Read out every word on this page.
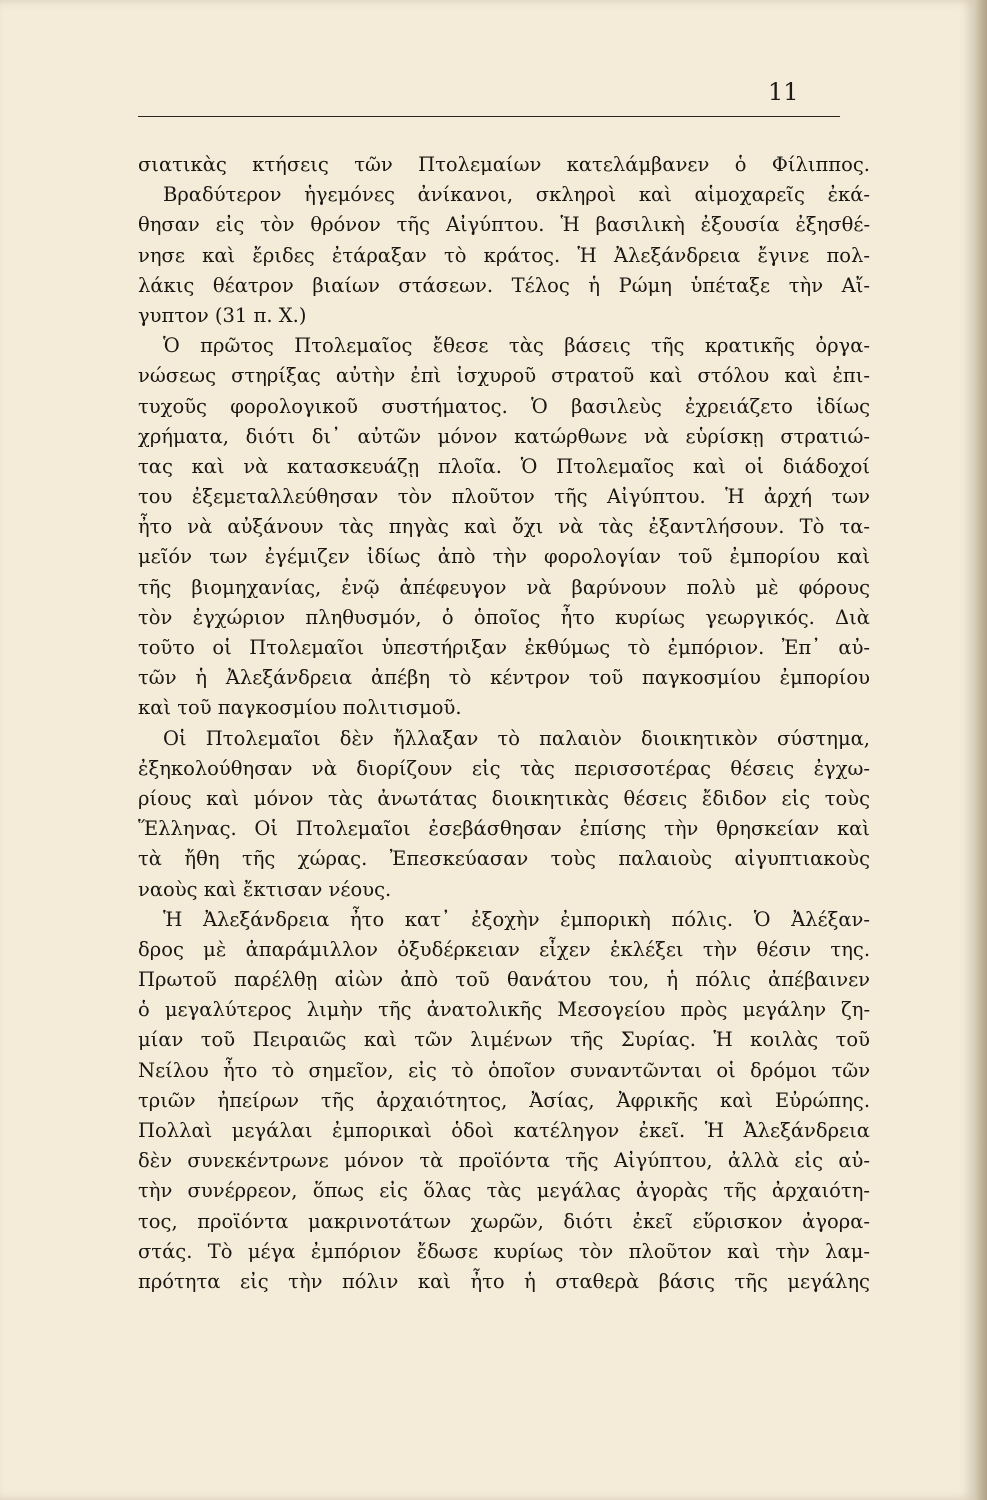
11
σιατικὰς κτήσεις τῶν Πτολεμαίων κατελάμβανεν ὁ Φίλιππος.
Βραδύτερον ἡγεμόνες ἀνίκανοι, σκληροὶ καὶ αἱμοχαρεῖς ἐκά-
θησαν εἰς τὸν θρόνον τῆς Αἰγύπτου. Ἡ βασιλικὴ ἐξουσία ἐξησθέ-
νησε καὶ ἔριδες ἐτάραξαν τὸ κράτος. Ἡ Ἀλεξάνδρεια ἔγινε πολ-
λάκις θέατρον βιαίων στάσεων. Τέλος ἡ Ρώμη ὑπέταξε τὴν Αἴ-
γυπτον (31 π. Χ.)
Ὁ πρῶτος Πτολεμαῖος ἔθεσε τὰς βάσεις τῆς κρατικῆς ὀργα-
νώσεως στηρίξας αὐτὴν ἐπὶ ἰσχυροῦ στρατοῦ καὶ στόλου καὶ ἐπι-
τυχοῦς φορολογικοῦ συστήματος. Ὁ βασιλεὺς ἐχρειάζετο ἰδίως
χρήματα, διότι δι᾽ αὐτῶν μόνον κατώρθωνε νὰ εὑρίσκῃ στρατιώ-
τας καὶ νὰ κατασκευάζῃ πλοῖα. Ὁ Πτολεμαῖος καὶ οἱ διάδοχοί
του ἐξεμεταλλεύθησαν τὸν πλοῦτον τῆς Αἰγύπτου. Ἡ ἀρχή των
ἦτο νὰ αὐξάνουν τὰς πηγὰς καὶ ὄχι νὰ τὰς ἐξαντλήσουν. Τὸ τα-
μεῖόν των ἐγέμιζεν ἰδίως ἀπὸ τὴν φορολογίαν τοῦ ἐμπορίου καὶ
τῆς βιομηχανίας, ἐνῷ ἀπέφευγον νὰ βαρύνουν πολὺ μὲ φόρους
τὸν ἐγχώριον πληθυσμόν, ὁ ὁποῖος ἦτο κυρίως γεωργικός. Διὰ
τοῦτο οἱ Πτολεμαῖοι ὑπεστήριξαν ἐκθύμως τὸ ἐμπόριον. Ἐπ᾽ αὐ-
τῶν ἡ Ἀλεξάνδρεια ἀπέβη τὸ κέντρον τοῦ παγκοσμίου ἐμπορίου
καὶ τοῦ παγκοσμίου πολιτισμοῦ.
Οἱ Πτολεμαῖοι δὲν ἤλλαξαν τὸ παλαιὸν διοικητικὸν σύστημα,
ἐξηκολούθησαν νὰ διορίζουν εἰς τὰς περισσοτέρας θέσεις ἐγχω-
ρίους καὶ μόνον τὰς ἀνωτάτας διοικητικὰς θέσεις ἔδιδον εἰς τοὺς
Ἕλληνας. Οἱ Πτολεμαῖοι ἐσεβάσθησαν ἐπίσης τὴν θρησκείαν καὶ
τὰ ἤθη τῆς χώρας. Ἐπεσκεύασαν τοὺς παλαιοὺς αἰγυπτιακοὺς
ναοὺς καὶ ἔκτισαν νέους.
Ἡ Ἀλεξάνδρεια ἦτο κατ᾽ ἐξοχὴν ἐμπορικὴ πόλις. Ὁ Ἀλέξαν-
δρος μὲ ἀπαράμιλλον ὀξυδέρκειαν εἶχεν ἐκλέξει τὴν θέσιν της.
Πρωτοῦ παρέλθῃ αἰὼν ἀπὸ τοῦ θανάτου του, ἡ πόλις ἀπέβαινεν
ὁ μεγαλύτερος λιμὴν τῆς ἀνατολικῆς Μεσογείου πρὸς μεγάλην ζη-
μίαν τοῦ Πειραιῶς καὶ τῶν λιμένων τῆς Συρίας. Ἡ κοιλὰς τοῦ
Νείλου ἦτο τὸ σημεῖον, εἰς τὸ ὁποῖον συναντῶνται οἱ δρόμοι τῶν
τριῶν ἠπείρων τῆς ἀρχαιότητος, Ἀσίας, Ἀφρικῆς καὶ Εὐρώπης.
Πολλαὶ μεγάλαι ἐμπορικαὶ ὁδοὶ κατέληγον ἐκεῖ. Ἡ Ἀλεξάνδρεια
δὲν συνεκέντρωνε μόνον τὰ προϊόντα τῆς Αἰγύπτου, ἀλλὰ εἰς αὐ-
τὴν συνέρρεον, ὅπως εἰς ὅλας τὰς μεγάλας ἀγορὰς τῆς ἀρχαιότη-
τος, προϊόντα μακρινοτάτων χωρῶν, διότι ἐκεῖ εὕρισκον ἀγορα-
στάς. Τὸ μέγα ἐμπόριον ἔδωσε κυρίως τὸν πλοῦτον καὶ τὴν λαμ-
πρότητα εἰς τὴν πόλιν καὶ ἦτο ἡ σταθερὰ βάσις τῆς μεγάλης
